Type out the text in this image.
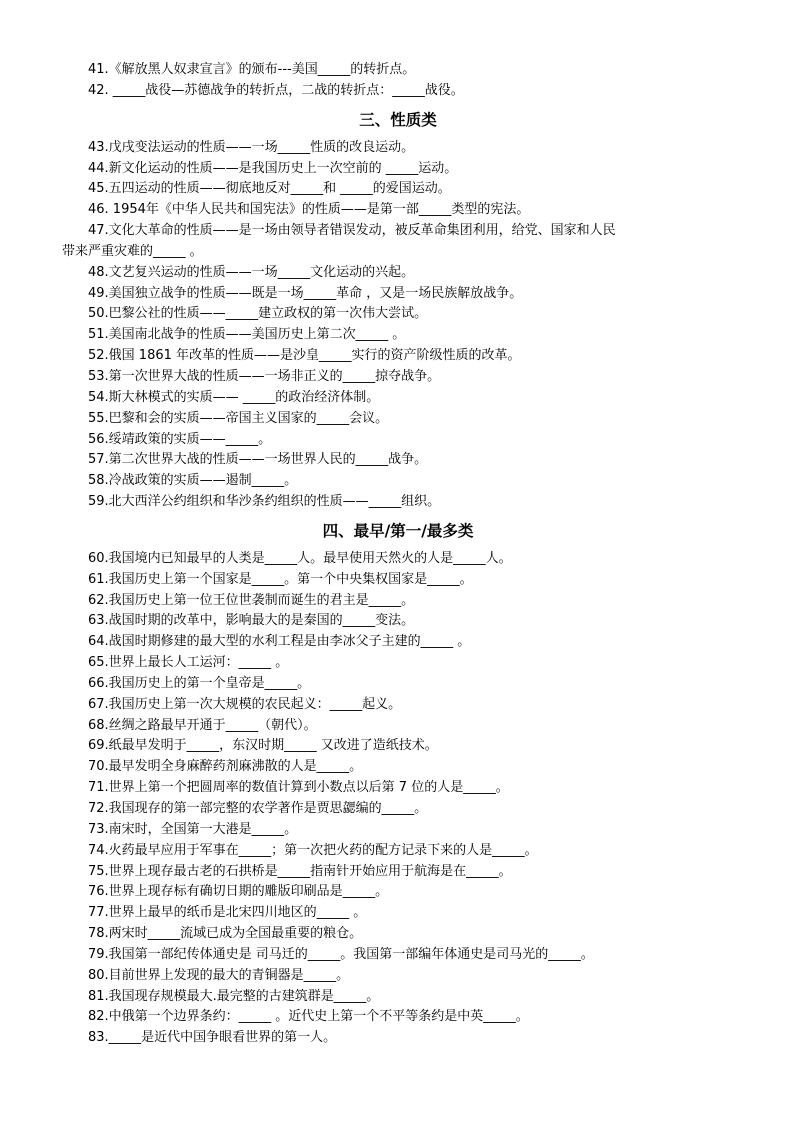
41.《解放黑人奴隶宣言》的颁布---美国_____的转折点。
42. _____战役—苏德战争的转折点，二战的转折点：_____战役。
三、性质类
43.戊戌变法运动的性质——一场_____性质的改良运动。
44.新文化运动的性质——是我国历史上一次空前的 _____运动。
45.五四运动的性质——彻底地反对_____和 _____的爱国运动。
46. 1954年《中华人民共和国宪法》的性质——是第一部_____类型的宪法。
47.文化大革命的性质——是一场由领导者错误发动，被反革命集团利用，给党、国家和人民
带来严重灾难的_____ 。
48.文艺复兴运动的性质——一场_____文化运动的兴起。
49.美国独立战争的性质——既是一场_____革命 ，又是一场民族解放战争。
50.巴黎公社的性质——_____建立政权的第一次伟大尝试。
51.美国南北战争的性质——美国历史上第二次_____ 。
52.俄国 1861 年改革的性质——是沙皇_____实行的资产阶级性质的改革。
53.第一次世界大战的性质——一场非正义的_____掠夺战争。
54.斯大林模式的实质—— _____的政治经济体制。
55.巴黎和会的实质——帝国主义国家的_____会议。
56.绥靖政策的实质——_____。
57.第二次世界大战的性质——一场世界人民的_____战争。
58.冷战政策的实质——遏制_____。
59.北大西洋公约组织和华沙条约组织的性质——_____组织。
四、最早/第一/最多类
60.我国境内已知最早的人类是_____人。最早使用天然火的人是_____人。
61.我国历史上第一个国家是_____。第一个中央集权国家是_____。
62.我国历史上第一位王位世袭制而诞生的君主是_____。
63.战国时期的改革中，影响最大的是秦国的_____变法。
64.战国时期修建的最大型的水利工程是由李冰父子主建的_____ 。
65.世界上最长人工运河：_____ 。
66.我国历史上的第一个皇帝是_____。
67.我国历史上第一次大规模的农民起义：_____起义。
68.丝绸之路最早开通于_____（朝代）。
69.纸最早发明于_____，东汉时期_____ 又改进了造纸技术。
70.最早发明全身麻醉药剂麻沸散的人是_____。
71.世界上第一个把圆周率的数值计算到小数点以后第 7 位的人是_____。
72.我国现存的第一部完整的农学著作是贾思勰编的_____。
73.南宋时，全国第一大港是_____。
74.火药最早应用于军事在_____；第一次把火药的配方记录下来的人是_____。
75.世界上现存最古老的石拱桥是_____指南针开始应用于航海是在_____。
76.世界上现存标有确切日期的雕版印刷品是_____。
77.世界上最早的纸币是北宋四川地区的_____ 。
78.两宋时_____流域已成为全国最重要的粮仓。
79.我国第一部纪传体通史是 司马迁的_____。我国第一部编年体通史是司马光的_____。
80.目前世界上发现的最大的青铜器是_____。
81.我国现存规模最大.最完整的古建筑群是_____。
82.中俄第一个边界条约：_____ 。近代史上第一个不平等条约是中英_____。
83._____是近代中国争眼看世界的第一人。
